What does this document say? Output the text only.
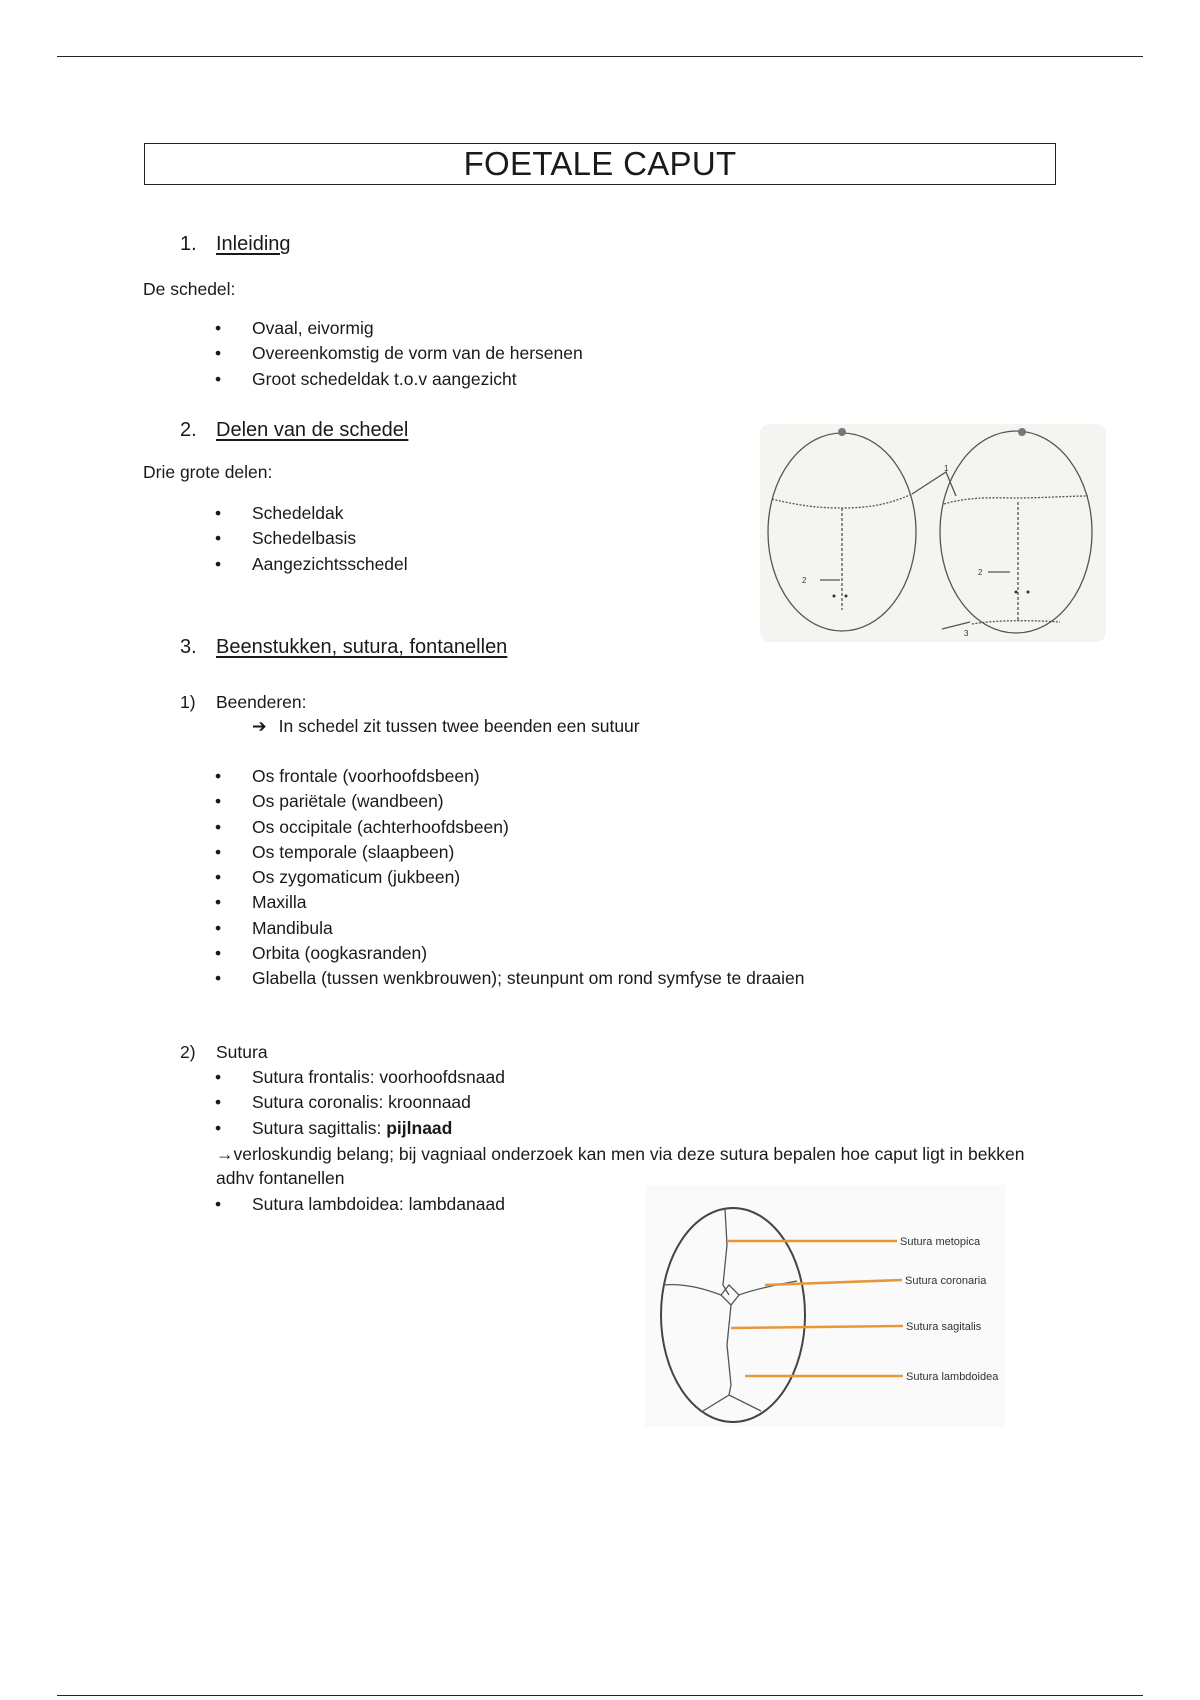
FOETALE CAPUT
1. Inleiding
De schedel:
• Ovaal, eivormig
• Overeenkomstig de vorm van de hersenen
• Groot schedeldak t.o.v aangezicht
2. Delen van de schedel
Drie grote delen:
• Schedeldak
• Schedelbasis
• Aangezichtsschedel
1
2
2
3
3. Beenstukken, sutura, fontanellen
1) Beenderen:
➔ In schedel zit tussen twee beenden een sutuur
• Os frontale (voorhoofdsbeen)
• Os pariëtale (wandbeen)
• Os occipitale (achterhoofdsbeen)
• Os temporale (slaapbeen)
• Os zygomaticum (jukbeen)
• Maxilla
• Mandibula
• Orbita (oogkasranden)
• Glabella (tussen wenkbrouwen); steunpunt om rond symfyse te draaien
2) Sutura
• Sutura frontalis: voorhoofdsnaad
• Sutura coronalis: kroonnaad
• Sutura sagittalis: pijlnaad
→verloskundig belang; bij vagniaal onderzoek kan men via deze sutura bepalen hoe caput ligt in bekken adhv fontanellen
• Sutura lambdoidea: lambdanaad
Sutura metopica
Sutura coronaria
Sutura sagitalis
Sutura lambdoidea
